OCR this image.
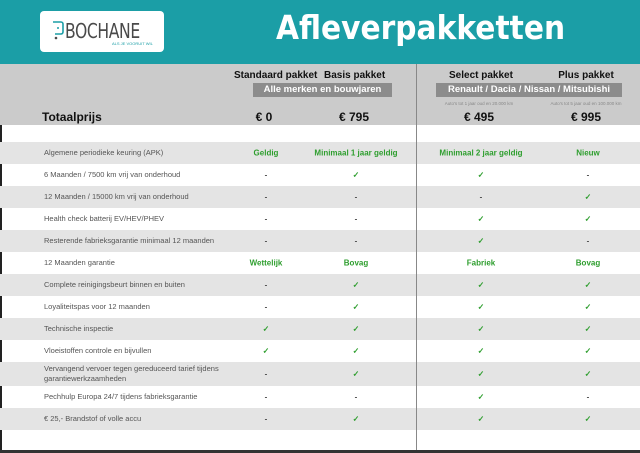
BOCHANE
ALS JE VOORUIT WIL	Afleverpakketten
Standaard pakket Basis pakket	Select pakket	Plus pakket
Alle merken en bouwjaren	Renault / Dacia / Nissan / Mitsubishi
Auto's tot 1 jaar oud en 20.000 km	Auto's tot 5 jaar oud en 100.000 km
Totaalprijs	€ 0	€ 795	€ 495	€ 995
Algemene periodieke keuring (APK)	Geldig	Minimaal 1 jaar geldig	Minimaal 2 jaar geldig	Nieuw
6 Maanden / 7500 km vrij van onderhoud	-	✓	✓	-
12 Maanden / 15000 km vrij van onderhoud	-	-	-	✓
Health check batterij EV/HEV/PHEV	-	-	✓	✓
Resterende fabrieksgarantie minimaal 12 maanden	-	-	✓	-
12 Maanden garantie	Wettelijk	Bovag	Fabriek	Bovag
Complete reinigingsbeurt binnen en buiten	-	✓	✓	✓
Loyaliteitspas voor 12 maanden	-	✓	✓	✓
Technische inspectie	✓	✓	✓	✓
Vloeistoffen controle en bijvullen	✓	✓	✓	✓
Vervangend vervoer tegen gereduceerd tarief tijdens garantiewerkzaamheden	-	✓	✓	✓
Pechhulp Europa 24/7 tijdens fabrieksgarantie	-	-	✓	-
€ 25,- Brandstof of volle accu	-	✓	✓	✓
